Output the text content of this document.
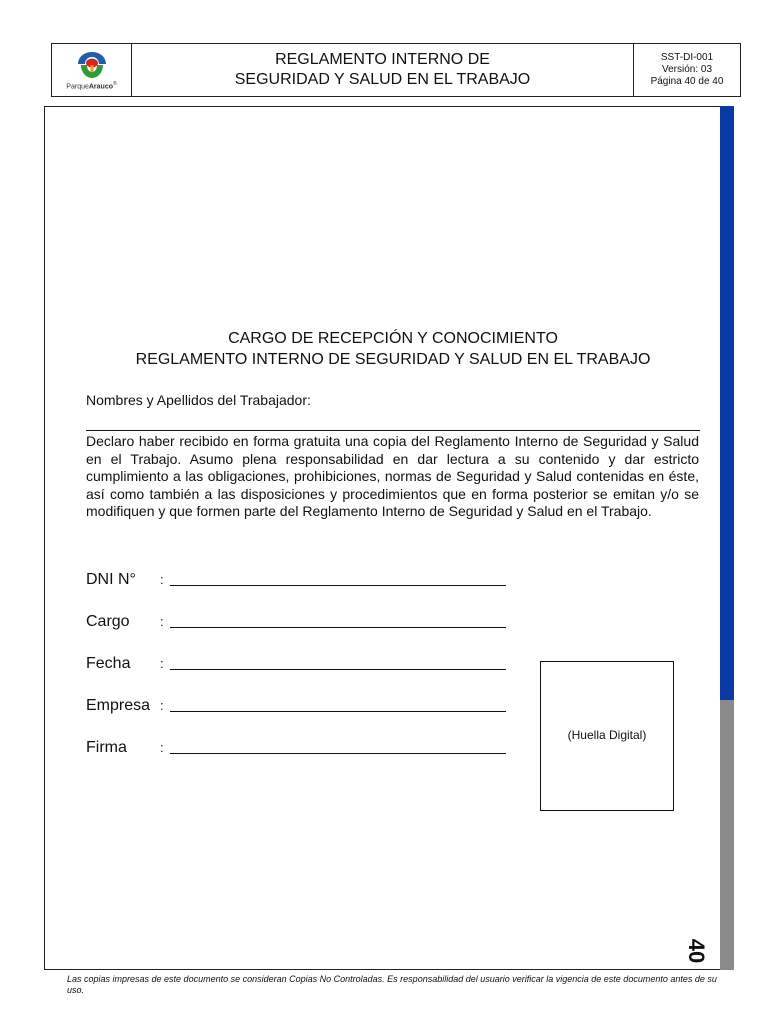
ParqueArauco®
REGLAMENTO INTERNO DE
SEGURIDAD Y SALUD EN EL TRABAJO
SST-DI-001
Versión: 03
Página 40 de 40
40
CARGO DE RECEPCIÓN Y CONOCIMIENTO
REGLAMENTO INTERNO DE SEGURIDAD Y SALUD EN EL TRABAJO
Nombres y Apellidos del Trabajador:
Declaro haber recibido en forma gratuita una copia del Reglamento Interno de Seguridad y Salud en el Trabajo. Asumo plena responsabilidad en dar lectura a su contenido y dar estricto cumplimiento a las obligaciones, prohibiciones, normas de Seguridad y Salud contenidas en éste, así como también a las disposiciones y procedimientos que en forma posterior se emitan y/o se modifiquen y que formen parte del Reglamento Interno de Seguridad y Salud en el Trabajo.
DNI N° :
Cargo :
Fecha :
Empresa :
Firma	:
(Huella Digital)
Las copias impresas de este documento se consideran Copias No Controladas. Es responsabilidad del usuario verificar la vigencia de este documento antes de su uso.
